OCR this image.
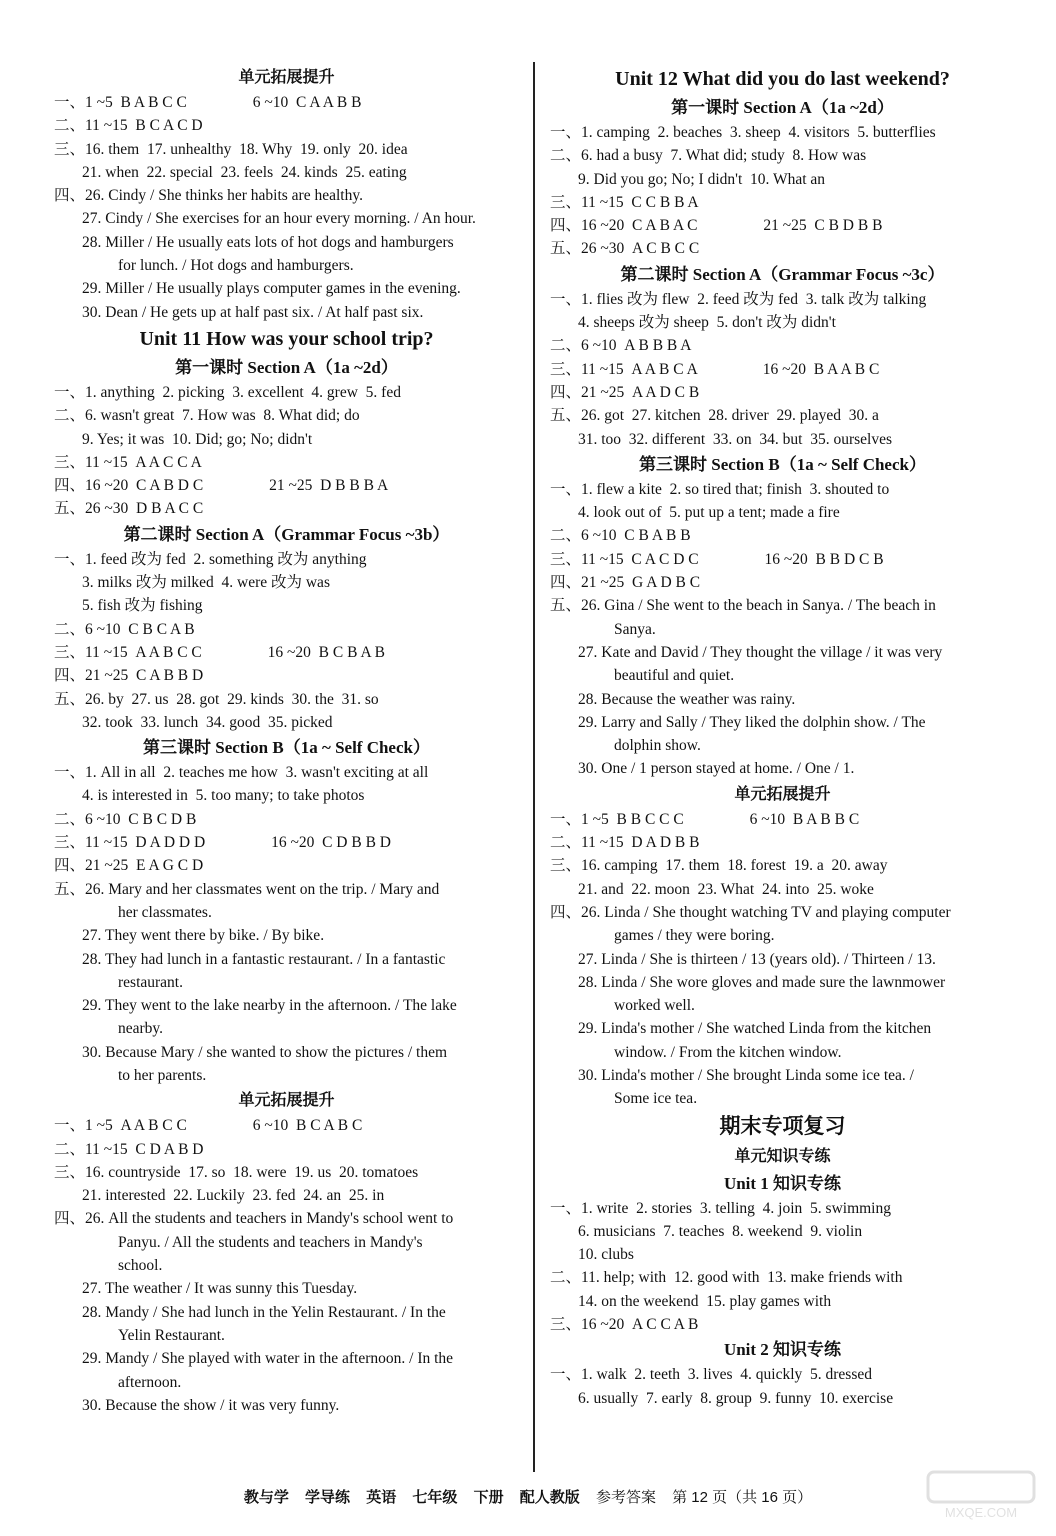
单元拓展提升
一、1 ~5  B A B C C                 6 ~10  C A A B B
二、11 ~15  B C A C D
三、16. them  17. unhealthy  18. Why  19. only  20. idea
21. when  22. special  23. feels  24. kinds  25. eating
四、26. Cindy / She thinks her habits are healthy.
27. Cindy / She exercises for an hour every morning. / An hour.
28. Miller / He usually eats lots of hot dogs and hamburgers
for lunch. / Hot dogs and hamburgers.
29. Miller / He usually plays computer games in the evening.
30. Dean / He gets up at half past six. / At half past six.
Unit 11 How was your school trip?
第一课时 Section A（1a ~2d）
一、1. anything  2. picking  3. excellent  4. grew  5. fed
二、6. wasn't great  7. How was  8. What did; do
9. Yes; it was  10. Did; go; No; didn't
三、11 ~15  A A C C A
四、16 ~20  C A B D C                 21 ~25  D B B B A
五、26 ~30  D B A C C
第二课时 Section A（Grammar Focus ~3b）
一、1. feed 改为 fed  2. something 改为 anything
3. milks 改为 milked  4. were 改为 was
5. fish 改为 fishing
二、6 ~10  C B C A B
三、11 ~15  A A B C C                 16 ~20  B C B A B
四、21 ~25  C A B B D
五、26. by  27. us  28. got  29. kinds  30. the  31. so
32. took  33. lunch  34. good  35. picked
第三课时 Section B（1a ~ Self Check）
一、1. All in all  2. teaches me how  3. wasn't exciting at all
4. is interested in  5. too many; to take photos
二、6 ~10  C B C D B
三、11 ~15  D A D D D                 16 ~20  C D B B D
四、21 ~25  E A G C D
五、26. Mary and her classmates went on the trip. / Mary and
her classmates.
27. They went there by bike. / By bike.
28. They had lunch in a fantastic restaurant. / In a fantastic
restaurant.
29. They went to the lake nearby in the afternoon. / The lake
nearby.
30. Because Mary / she wanted to show the pictures / them
to her parents.
单元拓展提升
一、1 ~5  A A B C C                 6 ~10  B C A B C
二、11 ~15  C D A B D
三、16. countryside  17. so  18. were  19. us  20. tomatoes
21. interested  22. Luckily  23. fed  24. an  25. in
四、26. All the students and teachers in Mandy's school went to
Panyu. / All the students and teachers in Mandy's
school.
27. The weather / It was sunny this Tuesday.
28. Mandy / She had lunch in the Yelin Restaurant. / In the
Yelin Restaurant.
29. Mandy / She played with water in the afternoon. / In the
afternoon.
30. Because the show / it was very funny.
Unit 12 What did you do last weekend?
第一课时 Section A（1a ~2d）
一、1. camping  2. beaches  3. sheep  4. visitors  5. butterflies
二、6. had a busy  7. What did; study  8. How was
9. Did you go; No; I didn't  10. What an
三、11 ~15  C C B B A
四、16 ~20  C A B A C                 21 ~25  C B D B B
五、26 ~30  A C B C C
第二课时 Section A（Grammar Focus ~3c）
一、1. flies 改为 flew  2. feed 改为 fed  3. talk 改为 talking
4. sheeps 改为 sheep  5. don't 改为 didn't
二、6 ~10  A B B B A
三、11 ~15  A A B C A                 16 ~20  B A A B C
四、21 ~25  A A D C B
五、26. got  27. kitchen  28. driver  29. played  30. a
31. too  32. different  33. on  34. but  35. ourselves
第三课时 Section B（1a ~ Self Check）
一、1. flew a kite  2. so tired that; finish  3. shouted to
4. look out of  5. put up a tent; made a fire
二、6 ~10  C B A B B
三、11 ~15  C A C D C                 16 ~20  B B D C B
四、21 ~25  G A D B C
五、26. Gina / She went to the beach in Sanya. / The beach in
Sanya.
27. Kate and David / They thought the village / it was very
beautiful and quiet.
28. Because the weather was rainy.
29. Larry and Sally / They liked the dolphin show. / The
dolphin show.
30. One / 1 person stayed at home. / One / 1.
单元拓展提升
一、1 ~5  B B C C C                 6 ~10  B A B B C
二、11 ~15  D A D B B
三、16. camping  17. them  18. forest  19. a  20. away
21. and  22. moon  23. What  24. into  25. woke
四、26. Linda / She thought watching TV and playing computer
games / they were boring.
27. Linda / She is thirteen / 13 (years old). / Thirteen / 13.
28. Linda / She wore gloves and made sure the lawnmower
worked well.
29. Linda's mother / She watched Linda from the kitchen
window. / From the kitchen window.
30. Linda's mother / She brought Linda some ice tea. /
Some ice tea.
期末专项复习
单元知识专练
Unit 1 知识专练
一、1. write  2. stories  3. telling  4. join  5. swimming
6. musicians  7. teaches  8. weekend  9. violin
10. clubs
二、11. help; with  12. good with  13. make friends with
14. on the weekend  15. play games with
三、16 ~20  A C C A B
Unit 2 知识专练
一、1. walk  2. teeth  3. lives  4. quickly  5. dressed
6. usually  7. early  8. group  9. funny  10. exercise
教与学 学导练 英语 七年级 下册 配人教版 参考答案 第 12 页（共 16 页）
MXQE.COM
